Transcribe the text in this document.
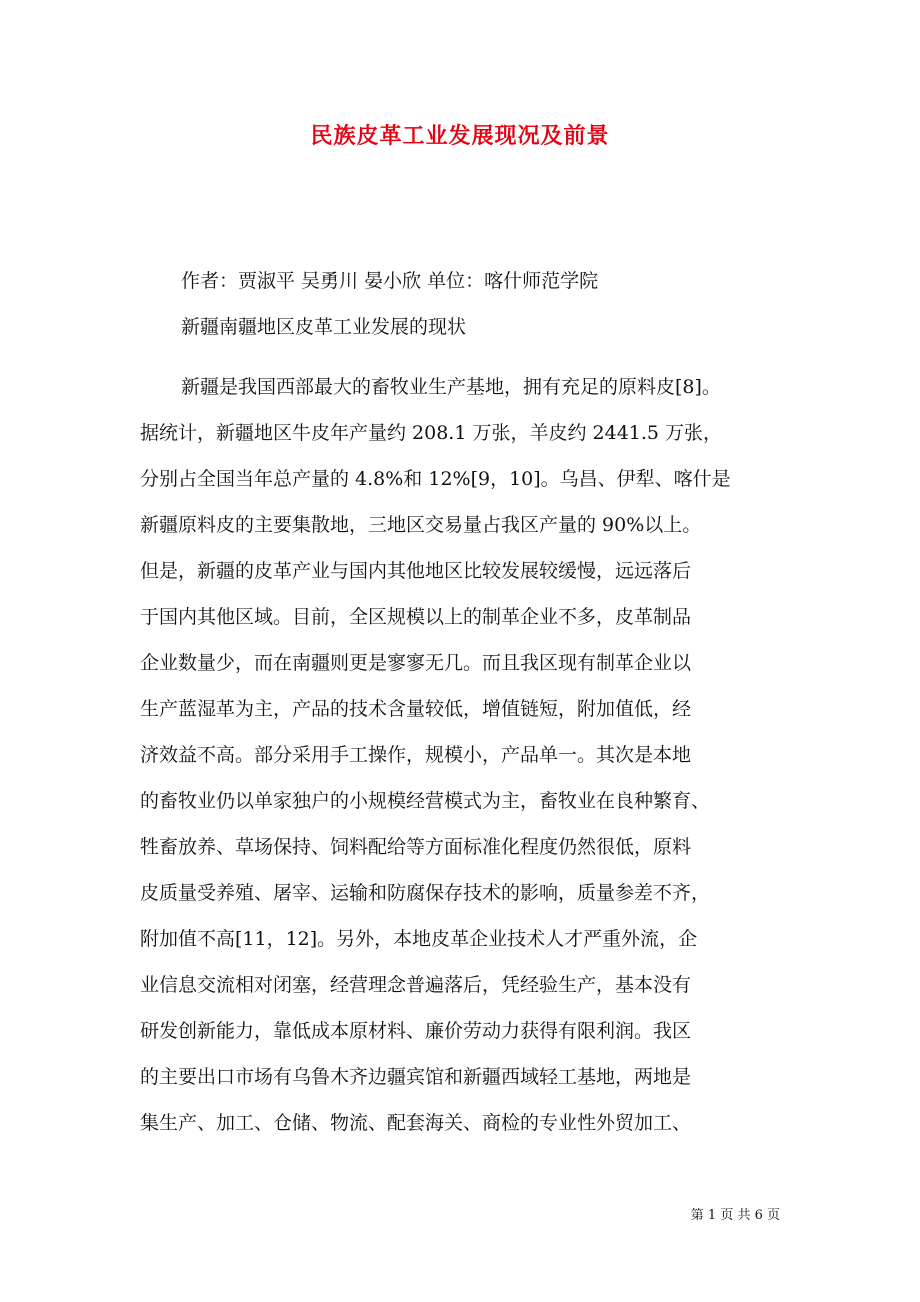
民族皮革工业发展现况及前景
作者：贾淑平 吴勇川 晏小欣 单位：喀什师范学院
新疆南疆地区皮革工业发展的现状
新疆是我国西部最大的畜牧业生产基地，拥有充足的原料皮[8]。
据统计，新疆地区牛皮年产量约 208.1 万张，羊皮约 2441.5 万张，
分别占全国当年总产量的 4.8%和 12%[9，10]。乌昌、伊犁、喀什是
新疆原料皮的主要集散地，三地区交易量占我区产量的 90%以上。
但是，新疆的皮革产业与国内其他地区比较发展较缓慢，远远落后
于国内其他区域。目前，全区规模以上的制革企业不多，皮革制品
企业数量少，而在南疆则更是寥寥无几。而且我区现有制革企业以
生产蓝湿革为主，产品的技术含量较低，增值链短，附加值低，经
济效益不高。部分采用手工操作，规模小，产品单一。其次是本地
的畜牧业仍以单家独户的小规模经营模式为主，畜牧业在良种繁育、
牲畜放养、草场保持、饲料配给等方面标准化程度仍然很低，原料
皮质量受养殖、屠宰、运输和防腐保存技术的影响，质量参差不齐，
附加值不高[11，12]。另外，本地皮革企业技术人才严重外流，企
业信息交流相对闭塞，经营理念普遍落后，凭经验生产，基本没有
研发创新能力，靠低成本原材料、廉价劳动力获得有限利润。我区
的主要出口市场有乌鲁木齐边疆宾馆和新疆西域轻工基地，两地是
集生产、加工、仓储、物流、配套海关、商检的专业性外贸加工、
第 1 页 共 6 页
